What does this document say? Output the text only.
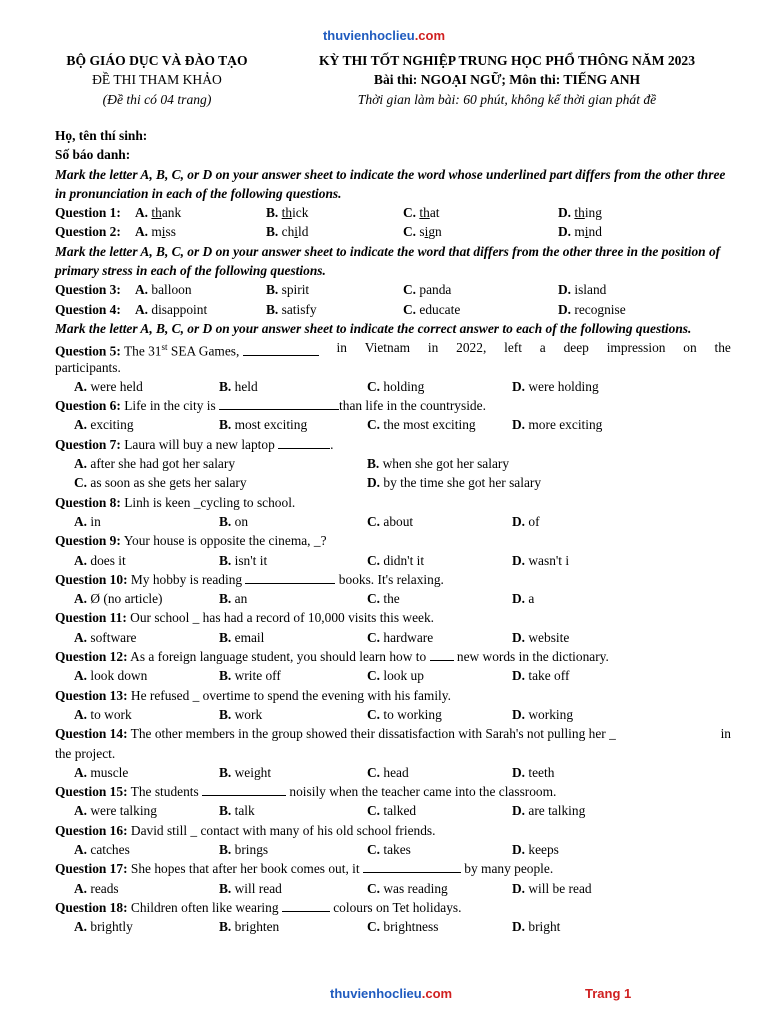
thuvienhoclieu.com
BỘ GIÁO DỤC VÀ ĐÀO TẠO	KỲ THI TỐT NGHIỆP TRUNG HỌC PHỔ THÔNG NĂM 2023
ĐỀ THI THAM KHẢO	Bài thi: NGOẠI NGỮ; Môn thi: TIẾNG ANH
(Đề thi có 04 trang)	Thời gian làm bài: 60 phút, không kể thời gian phát đề
Họ, tên thí sinh:
Số báo danh:
Mark the letter A, B, C, or D on your answer sheet to indicate the word whose underlined part differs from the other three in pronunciation in each of the following questions.
Question 1: A. thank	B. thick	C. that	D. thing
Question 2: A. miss	B. child	C. sign	D. mind
Mark the letter A, B, C, or D on your answer sheet to indicate the word that differs from the other three in the position of primary stress in each of the following questions.
Question 3: A. balloon	B. spirit	C. panda	D. island
Question 4: A. disappoint	B. satisfy	C. educate	D. recognise
Mark the letter A, B, C, or D on your answer sheet to indicate the correct answer to each of the following questions.
Question 5: The 31st SEA Games,	in Vietnam in 2022, left a deep impression on the
participants.
A. were held	B. held	C. holding	D. were holding
Question 6: Life in the city is	than life in the countryside.
A. exciting	B. most exciting	C. the most exciting	D. more exciting
Question 7: Laura will buy a new laptop	.
A. after she had got her salary	B. when she got her salary
C. as soon as she gets her salary	D. by the time she got her salary
Question 8: Linh is keen _cycling to school.
A. in	B. on	C. about	D. of
Question 9: Your house is opposite the cinema, _?
A. does it	B. isn't it	C. didn't it	D. wasn't i
Question 10: My hobby is reading	books. It's relaxing.
A. Ø (no article)	B. an	C. the	D. a
Question 11: Our school _ has had a record of 10,000 visits this week.
A. software	B. email	C. hardware	D. website
Question 12: As a foreign language student, you should learn how to  new words in the dictionary.
A. look down	B. write off	C. look up	D. take off
Question 13: He refused _ overtime to spend the evening with his family.
A. to work	B. work	C. to working	D. working
Question 14: The other members in the group showed their dissatisfaction with Sarah's not pulling her _	in
the project.
A. muscle	B. weight	C. head	D. teeth
Question 15: The students	noisily when the teacher came into the classroom.
A. were talking	B. talk	C. talked	D. are talking
Question 16: David still _ contact with many of his old school friends.
A. catches	B. brings	C. takes	D. keeps
Question 17: She hopes that after her book comes out, it	by many people.
A. reads	B. will read	C. was reading	D. will be read
Question 18: Children often like wearing	colours on Tet holidays.
A. brightly	B. brighten	C. brightness	D. bright
thuvienhoclieu.com	Trang 1
